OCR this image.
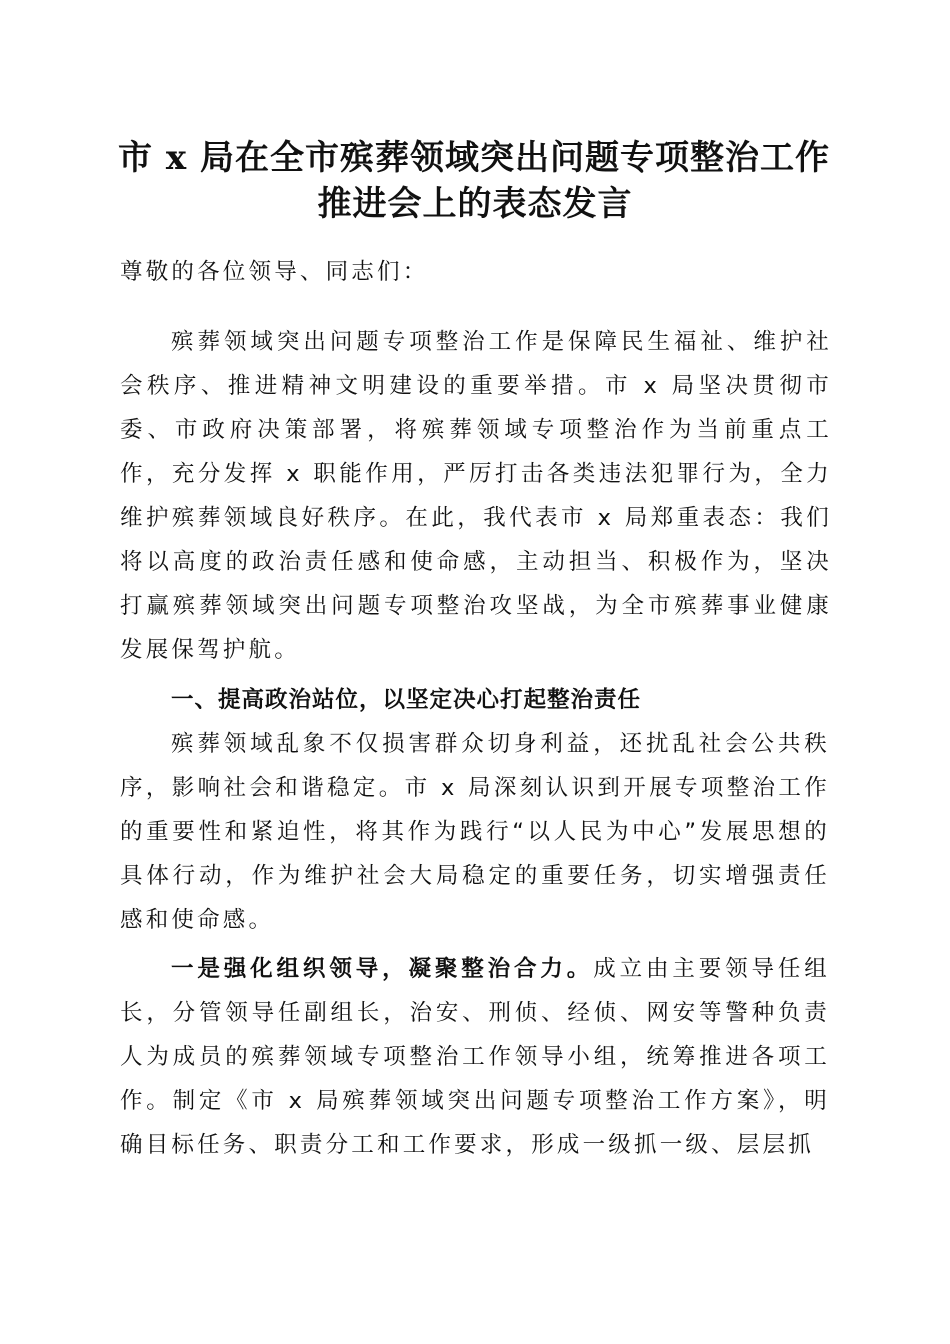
市 x 局在全市殡葬领域突出问题专项整治工作
推进会上的表态发言

尊敬的各位领导、同志们：

殡葬领域突出问题专项整治工作是保障民生福祉、维护社会秩序、推进精神文明建设的重要举措。市 x 局坚决贯彻市委、市政府决策部署，将殡葬领域专项整治作为当前重点工作，充分发挥 x 职能作用，严厉打击各类违法犯罪行为，全力维护殡葬领域良好秩序。在此，我代表市 x 局郑重表态：我们将以高度的政治责任感和使命感，主动担当、积极作为，坚决打赢殡葬领域突出问题专项整治攻坚战，为全市殡葬事业健康发展保驾护航。

一、提高政治站位，以坚定决心打起整治责任

殡葬领域乱象不仅损害群众切身利益，还扰乱社会公共秩序，影响社会和谐稳定。市 x 局深刻认识到开展专项整治工作的重要性和紧迫性，将其作为践行“以人民为中心”发展思想的具体行动，作为维护社会大局稳定的重要任务，切实增强责任感和使命感。

一是强化组织领导，凝聚整治合力。成立由主要领导任组长，分管领导任副组长，治安、刑侦、经侦、网安等警种负责人为成员的殡葬领域专项整治工作领导小组，统筹推进各项工作。制定《市 x 局殡葬领域突出问题专项整治工作方案》，明确目标任务、职责分工和工作要求，形成一级抓一级、层层抓
